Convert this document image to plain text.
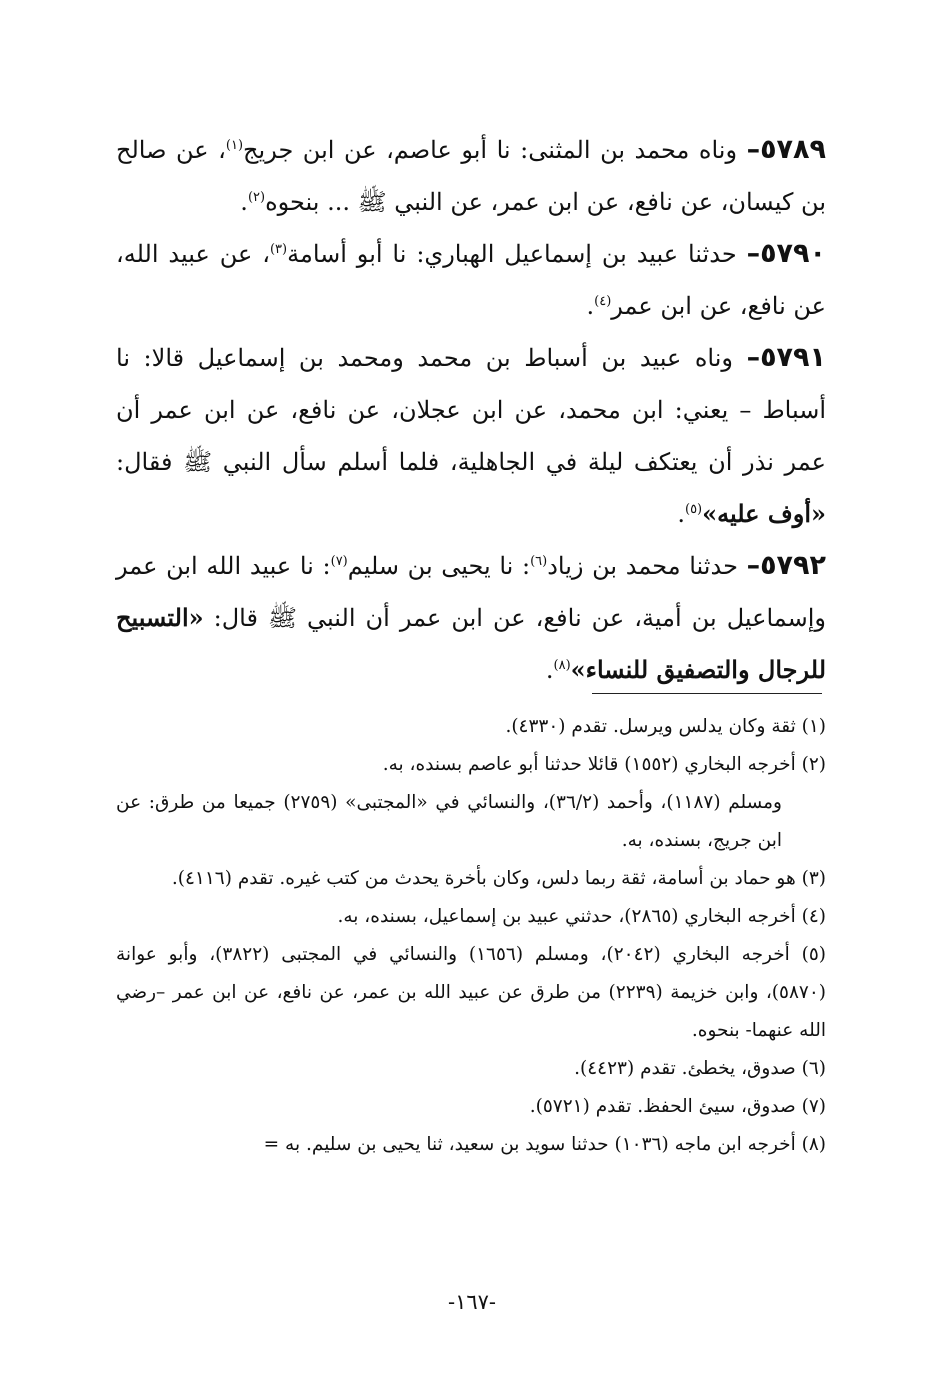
٥٧٨٩– وناه محمد بن المثنى: نا أبو عاصم، عن ابن جريج$^{(١)}$، عن صالح بن كيسان، عن نافع، عن ابن عمر، عن النبي ﷺ ... بنحوه$^{(٢)}$.

٥٧٩٠– حدثنا عبيد بن إسماعيل الهباري: نا أبو أسامة$^{(٣)}$، عن عبيد الله، عن نافع، عن ابن عمر$^{(٤)}$.

٥٧٩١– وناه عبيد بن أسباط بن محمد ومحمد بن إسماعيل قالا: نا أسباط – يعني: ابن محمد، عن ابن عجلان، عن نافع، عن ابن عمر أن عمر نذر أن يعتكف ليلة في الجاهلية، فلما أسلم سأل النبي ﷺ فقال: «أوف عليه»$^{(٥)}$.

٥٧٩٢– حدثنا محمد بن زياد$^{(٦)}$: نا يحيى بن سليم$^{(٧)}$: نا عبيد الله ابن عمر وإسماعيل بن أمية، عن نافع، عن ابن عمر أن النبي ﷺ قال: «التسبيح للرجال والتصفيق للنساء»$^{(٨)}$.

(١) ثقة وكان يدلس ويرسل. تقدم (٤٣٣٠).
(٢) أخرجه البخاري (١٥٥٢) قائلا حدثنا أبو عاصم بسنده، به.
ومسلم (١١٨٧)، وأحمد (٣٦/٢)، والنسائي في «المجتبى» (٢٧٥٩) جميعا من طرق: عن ابن جريج، بسنده، به.
(٣) هو حماد بن أسامة، ثقة ربما دلس، وكان بأخرة يحدث من كتب غيره. تقدم (٤١١٦).
(٤) أخرجه البخاري (٢٨٦٥)، حدثني عبيد بن إسماعيل، بسنده، به.
(٥) أخرجه البخاري (٢٠٤٢)، ومسلم (١٦٥٦) والنسائي في المجتبى (٣٨٢٢)، وأبو عوانة (٥٨٧٠)، وابن خزيمة (٢٢٣٩) من طرق عن عبيد الله بن عمر، عن نافع، عن ابن عمر –رضي الله عنهما- بنحوه.
(٦) صدوق، يخطئ. تقدم (٤٤٢٣).
(٧) صدوق، سيئ الحفظ. تقدم (٥٧٢١).
(٨) أخرجه ابن ماجه (١٠٣٦) حدثنا سويد بن سعيد، ثنا يحيى بن سليم. به =
-١٦٧-
